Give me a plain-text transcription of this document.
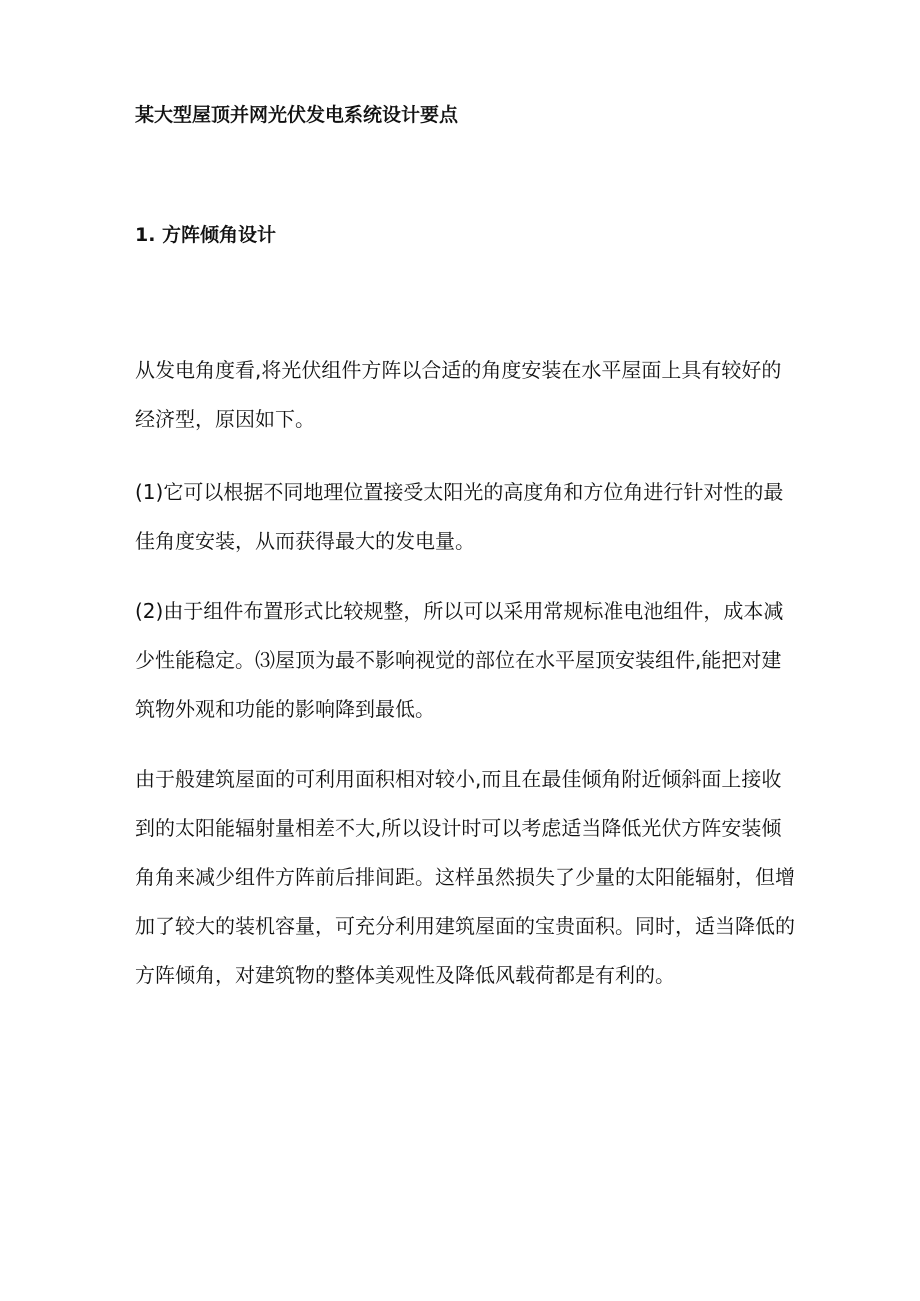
某大型屋顶并网光伏发电系统设计要点
1. 方阵倾角设计

从发电角度看,将光伏组件方阵以合适的角度安装在水平屋面上具有较好的
经济型，原因如下。

(1)它可以根据不同地理位置接受太阳光的高度角和方位角进行针对性的最
佳角度安装，从而获得最大的发电量。

(2)由于组件布置形式比较规整，所以可以采用常规标准电池组件，成本减
少性能稳定。⑶屋顶为最不影响视觉的部位在水平屋顶安装组件,能把对建
筑物外观和功能的影响降到最低。

由于般建筑屋面的可利用面积相对较小,而且在最佳倾角附近倾斜面上接收
到的太阳能辐射量相差不大,所以设计时可以考虑适当降低光伏方阵安装倾
角角来减少组件方阵前后排间距。这样虽然损失了少量的太阳能辐射，但增
加了较大的装机容量，可充分利用建筑屋面的宝贵面积。同时，适当降低的
方阵倾角，对建筑物的整体美观性及降低风载荷都是有利的。
